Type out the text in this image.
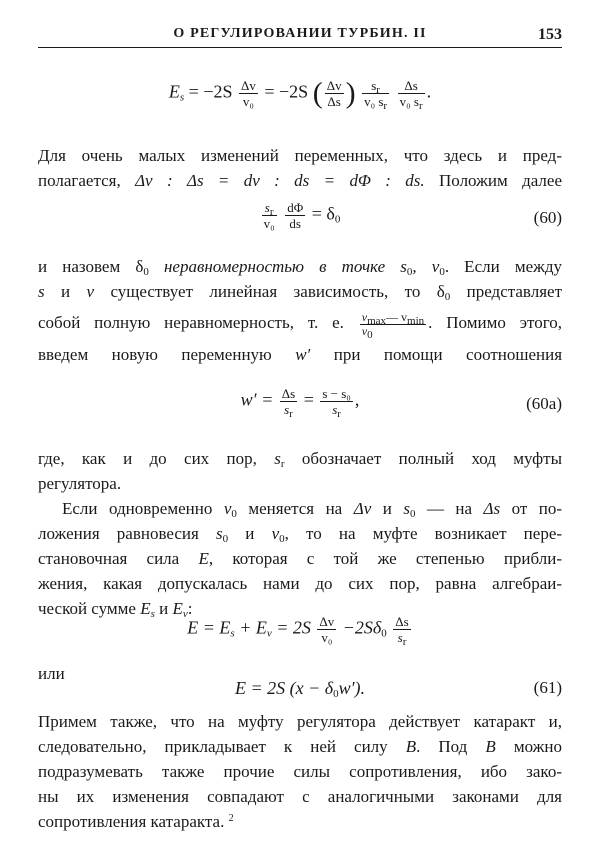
О РЕГУЛИРОВАНИИ ТУРБИН. II	153
$E_s = -2S \frac{\Delta v}{\text{v₀}} = -2S$ ( $\frac{\Delta v}{\Delta s}$ ) $\frac{s_r}{v_0 s_r}$
$\frac{\Delta s}{v_0 s_r}$ .
Для очень малых изменений переменных, что здесь и пред-
полагается, Δv : Δs = dv : ds = dΦ : ds. Положим далее
$\frac{s_r}{\text{v₀}}$
$\frac{d\Phi}{ds} = \delta_0$	(60)
и назовем $\delta_0$ неравномерностью в точке $s_0$, $v_0$. Если между
s и v существует линейная зависимость, то $\delta_0$ представляет
собой полную неравномерность, т. е. $\frac{v_{max}— v_{min}}{v_0}$ . Помимо этого,
введем новую переменную w′ при помощи соотношения
$w' = \frac{\Delta s}{s_r} = \frac{\text{s − s₀}}{s_r}$ ,	(60a)
где, как и до сих пор, $s_r$ обозначает полный ход муфты
регулятора.
Если одновременно $v_0$ меняется на Δv и $s_0$ — на Δs от по-
ложения равновесия $s_0$ и $v_0$, то на муфте возникает пере-
становочная сила E, которая с той же степенью прибли-
жения, какая допускалась нами до сих пор, равна алгебраи-
ческой сумме $E_s$ и $E_v$:
$E = E_s + E_v = 2S \frac{\Delta v}{\text{v₀}} -2S\delta_0 \frac{\Delta s}{s_r}$
или
E = 2S $(x - \delta_0w')$.	(61)
Примем также, что на муфту регулятора действует катаракт и,
следовательно, прикладывает к ней силу B. Под B можно
подразумевать также прочие силы сопротивления, ибо зако-
ны их изменения совпадают с аналогичными законами для
сопротивления катаракта. $^2$
